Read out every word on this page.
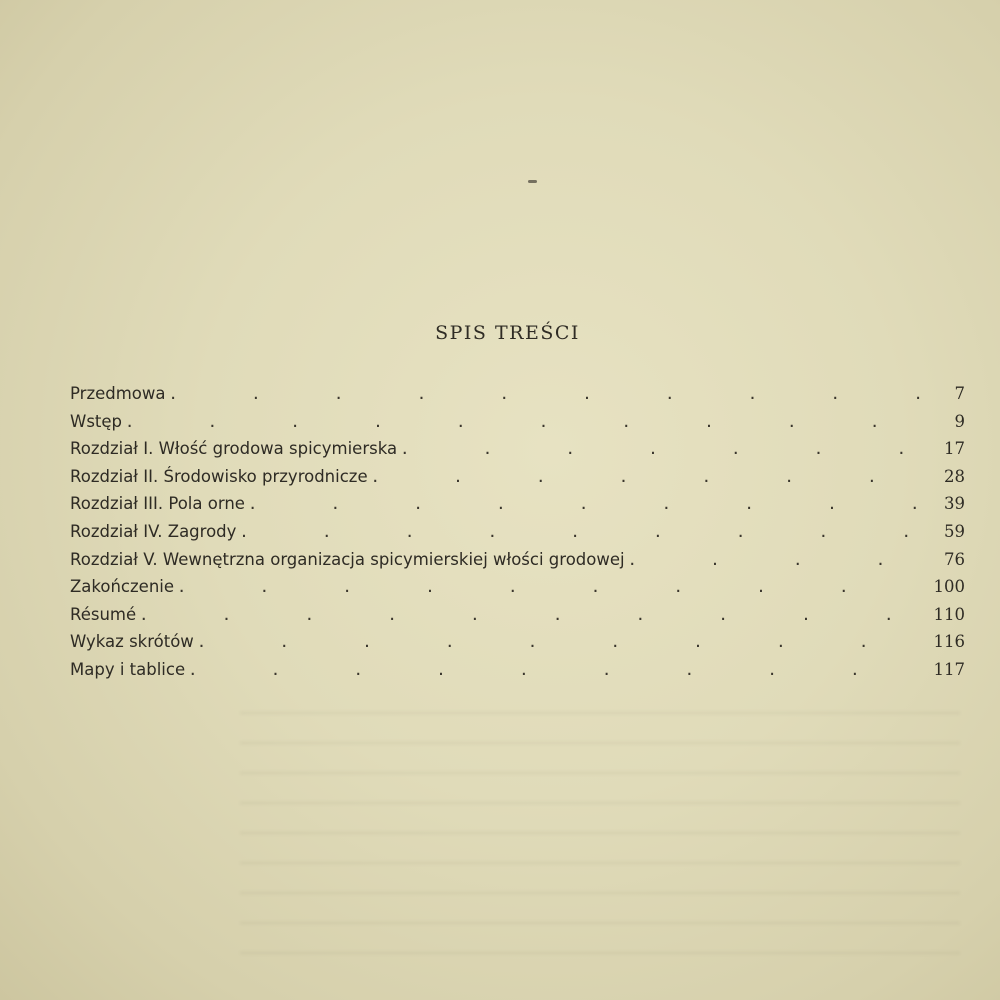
SPIS TREŚCI
Przedmowa .	7
Wstęp .	9
Rozdział I. Włość grodowa spicymierska .	17
Rozdział II. Środowisko przyrodnicze .	28
Rozdział III. Pola orne .	39
Rozdział IV. Zagrody .	59
Rozdział V. Wewnętrzna organizacja spicymierskiej włości grodowej .	76
Zakończenie .	100
Résumé .	110
Wykaz skrótów .	116
Mapy i tablice .	117
